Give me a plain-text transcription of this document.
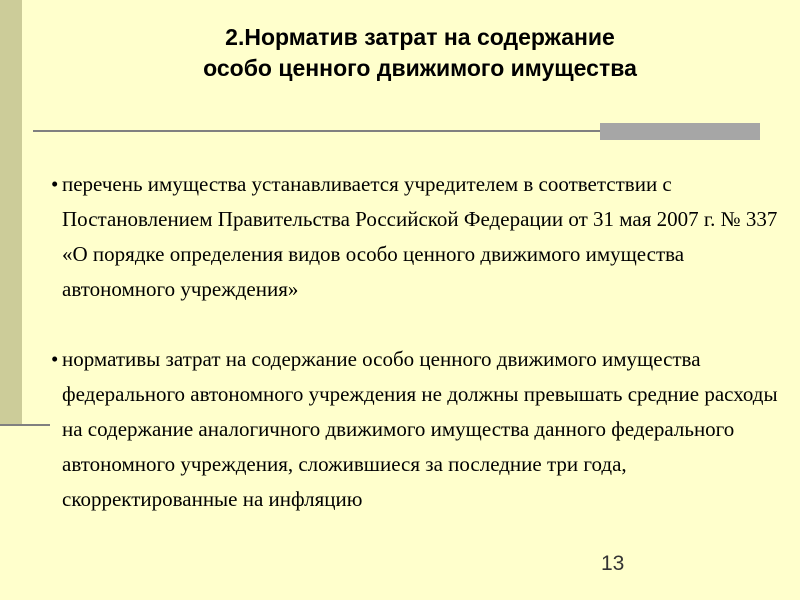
2.Норматив затрат на содержание
особо ценного движимого имущества
• перечень имущества устанавливается учредителем в соответствии с Постановлением Правительства Российской Федерации от 31 мая 2007 г. № 337 «О порядке определения видов особо ценного движимого имущества автономного учреждения»
• нормативы затрат на содержание особо ценного движимого имущества федерального автономного учреждения не должны превышать средние расходы на содержание аналогичного движимого имущества данного федерального автономного учреждения, сложившиеся за последние три года, скорректированные на инфляцию
13
